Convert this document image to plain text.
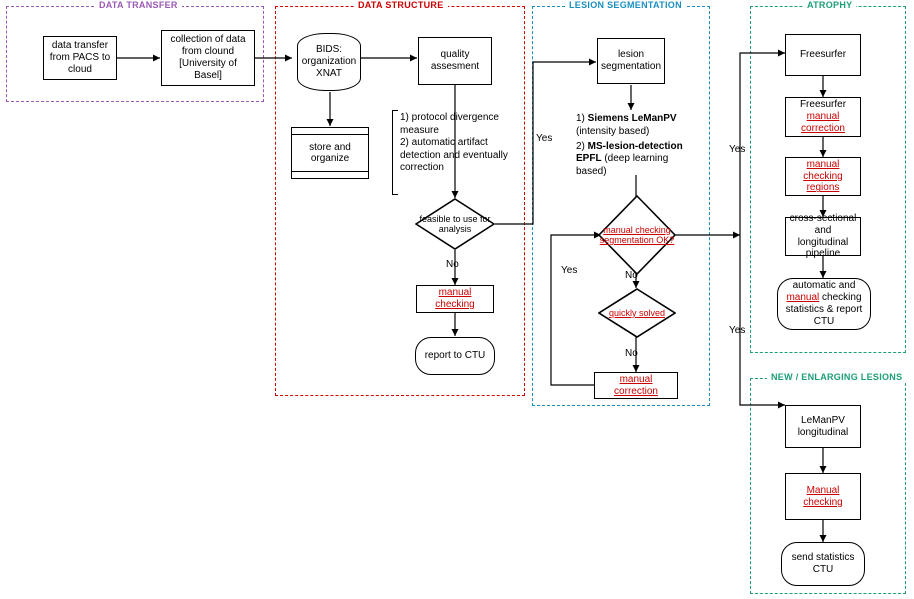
DATA TRANSFER	DATA STRUCTURE	LESION SEGMENTATION	ATROPHY
NEW / ENLARGING LESIONS
data transfer from PACS to cloud
collection of data from clound [University of Basel]
BIDS: organization XNAT
store and organize
quality assesment
1) protocol divergence measure
2) automatic artifact detection and eventually correction
feasible to use for analysis
manual checking
report to CTU
lesion segmentation
1) Siemens LeManPV (intensity based)
2) MS-lesion-detection EPFL (deep learning based)
manual checking segmentation OK?
quickly solved
manual correction
Freesurfer
Freesurfer manual correction
manual checking regions
cross-sectional and longitudinal pipeline
automatic and manual checking statistics & report CTU
LeManPV longitudinal
Manual checking
send statistics CTU
Yes
No
Yes	No
No
Yes
Yes
